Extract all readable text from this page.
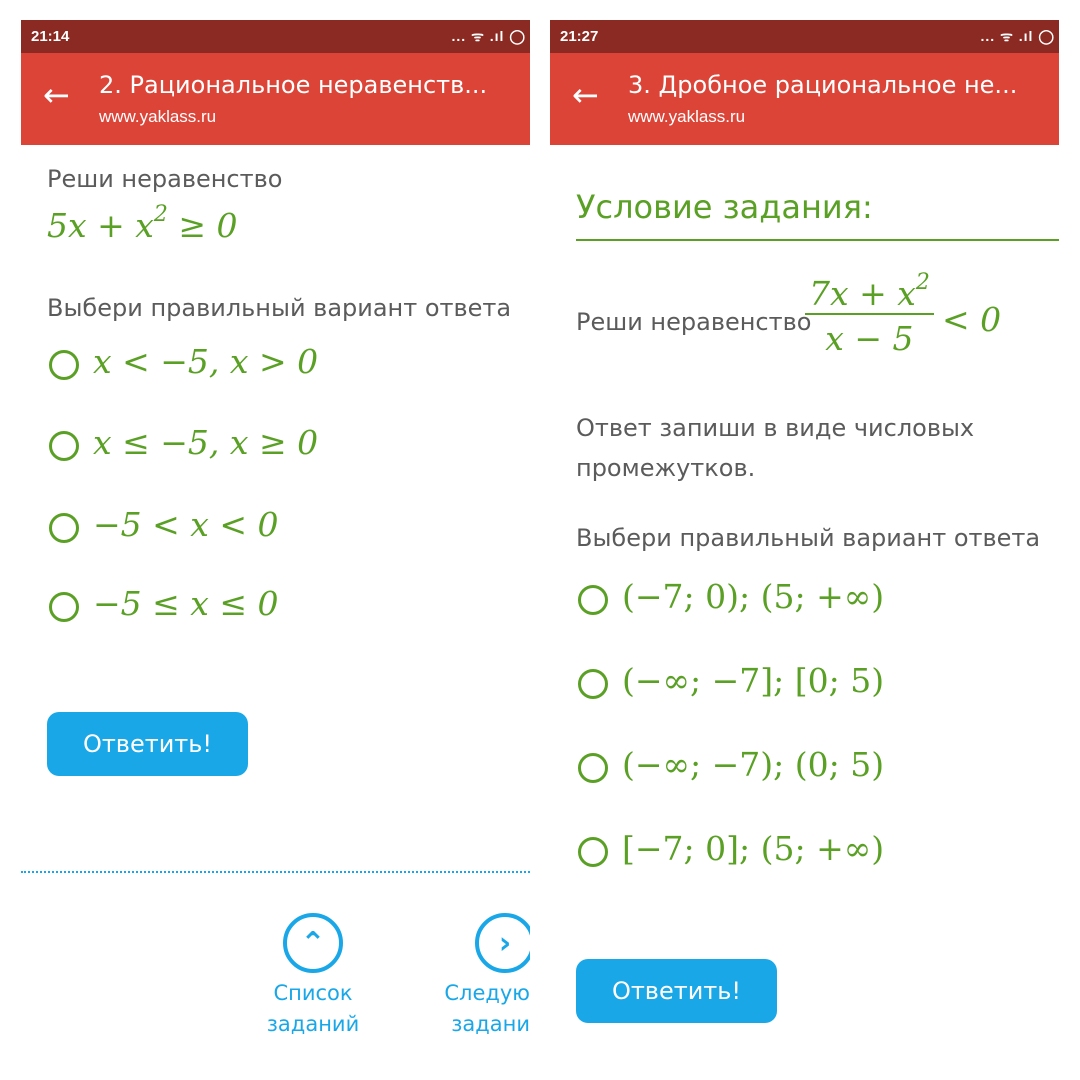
21:14	... ᯤ .ıl ◯
← 2. Рациональное неравенств...
www.yaklass.ru
Реши неравенство
$5x + x^2 \ge 0$
Выбери правильный вариант ответа
x < −5, x > 0
x ≤ −5, x ≥ 0
−5 < x < 0
−5 ≤ x ≤ 0
Ответить!
⌃
Список
заданий
›
Следую
задани
21:27	... ᯤ .ıl ◯
← 3. Дробное рациональное не...
www.yaklass.ru
Условие задания:
Реши неравенство
$\frac{7x + x^2}{x - 5} < 0$
Ответ запиши в виде числовых
промежутков.
Выбери правильный вариант ответа
(−7; 0); (5; +∞)
(−∞; −7]; [0; 5)
(−∞; −7); (0; 5)
[−7; 0]; (5; +∞)
Ответить!
